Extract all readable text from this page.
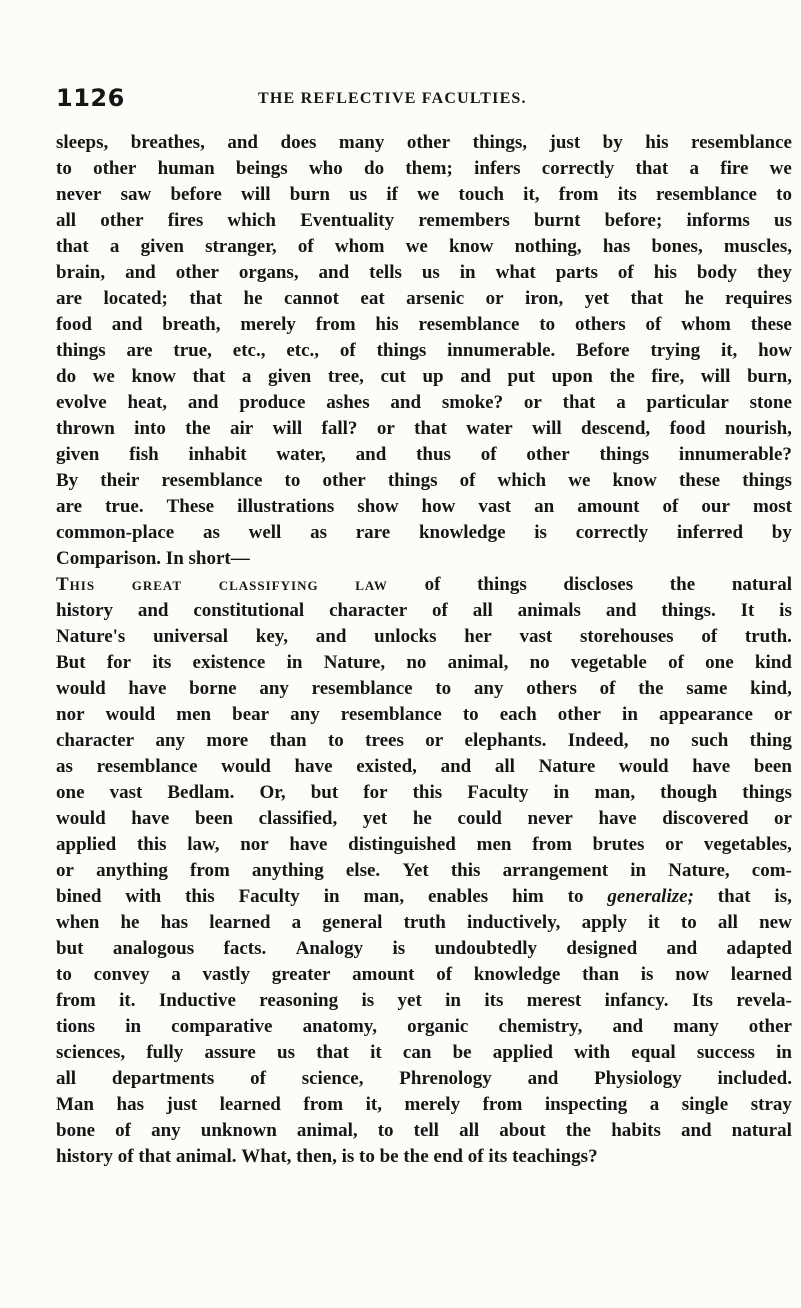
1126	THE REFLECTIVE FACULTIES.
sleeps, breathes, and does many other things, just by his resemblance
to other human beings who do them; infers correctly that a fire we
never saw before will burn us if we touch it, from its resemblance to
all other fires which Eventuality remembers burnt before; informs us
that a given stranger, of whom we know nothing, has bones, muscles,
brain, and other organs, and tells us in what parts of his body they
are located; that he cannot eat arsenic or iron, yet that he requires
food and breath, merely from his resemblance to others of whom these
things are true, etc., etc., of things innumerable. Before trying it, how
do we know that a given tree, cut up and put upon the fire, will burn,
evolve heat, and produce ashes and smoke? or that a particular stone
thrown into the air will fall? or that water will descend, food nourish,
given fish inhabit water, and thus of other things innumerable?
By their resemblance to other things of which we know these things
are true. These illustrations show how vast an amount of our most
common-place as well as rare knowledge is correctly inferred by
Comparison.
In
short—
This great classifying law of things discloses the natural
history and constitutional character of all animals and things. It is
Nature's universal key, and unlocks her vast storehouses of truth.
But for its existence in Nature, no animal, no vegetable of one kind
would have borne any resemblance to any others of the same kind,
nor would men bear any resemblance to each other in appearance or
character any more than to trees or elephants. Indeed, no such thing
as resemblance would have existed, and all Nature would have been
one vast Bedlam. Or, but for this Faculty in man, though things
would have been classified, yet he could never have discovered or
applied this law, nor have distinguished men from brutes or vegetables,
or anything from anything else. Yet this arrangement in Nature, com-
bined with this Faculty in man, enables him to generalize; that is,
when he has learned a general truth inductively, apply it to all new
but analogous facts. Analogy is undoubtedly designed and adapted
to convey a vastly greater amount of knowledge than is now learned
from it. Inductive reasoning is yet in its merest infancy. Its revela-
tions in comparative anatomy, organic chemistry, and many other
sciences, fully assure us that it can be applied with equal success in
all departments of science, Phrenology and Physiology included.
Man has just learned from it, merely from inspecting a single stray
bone of any unknown animal, to tell all about the habits and natural
history
of
that
animal.
What,
then,
is
to
be
the
end
of
its
teachings?
